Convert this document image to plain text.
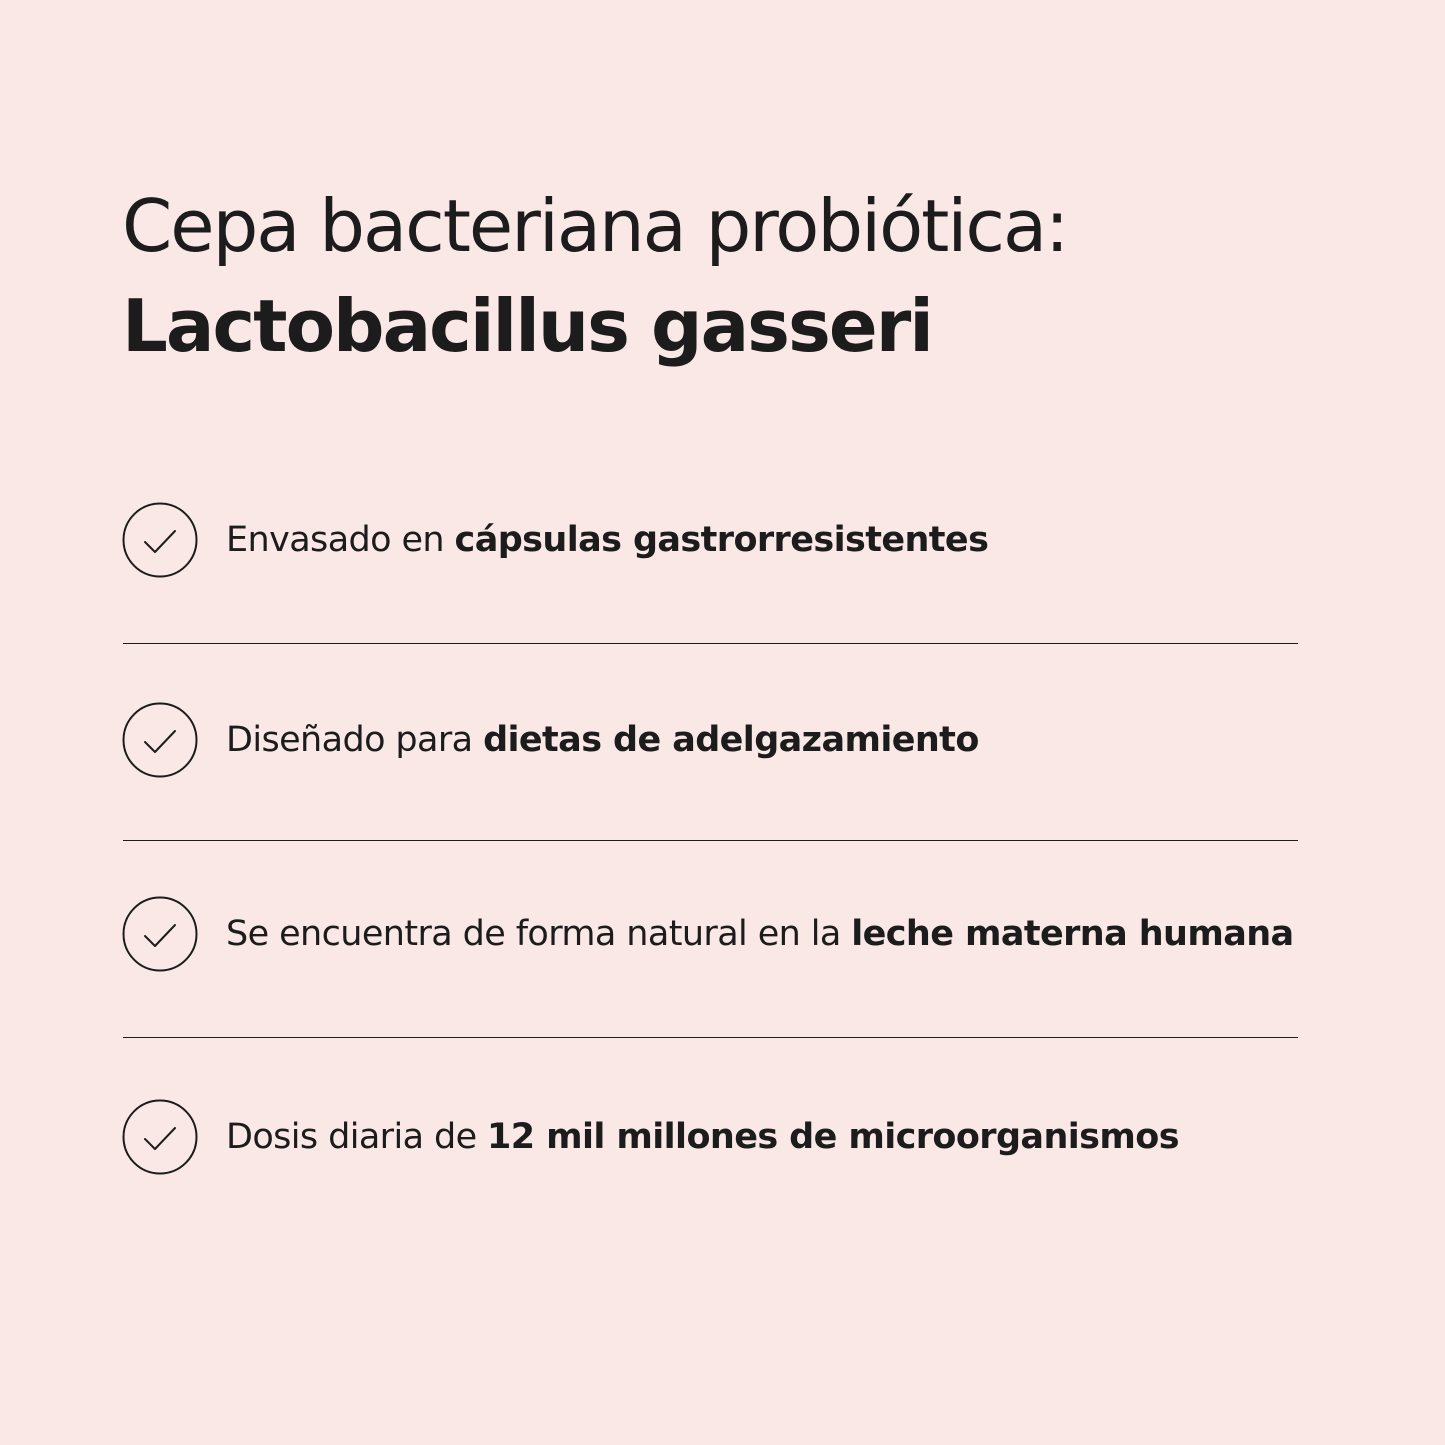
Cepa bacteriana probiótica:
Lactobacillus gasseri
Envasado en cápsulas gastrorresistentes
Diseñado para dietas de adelgazamiento
Se encuentra de forma natural en la leche materna humana
Dosis diaria de 12 mil millones de microorganismos
